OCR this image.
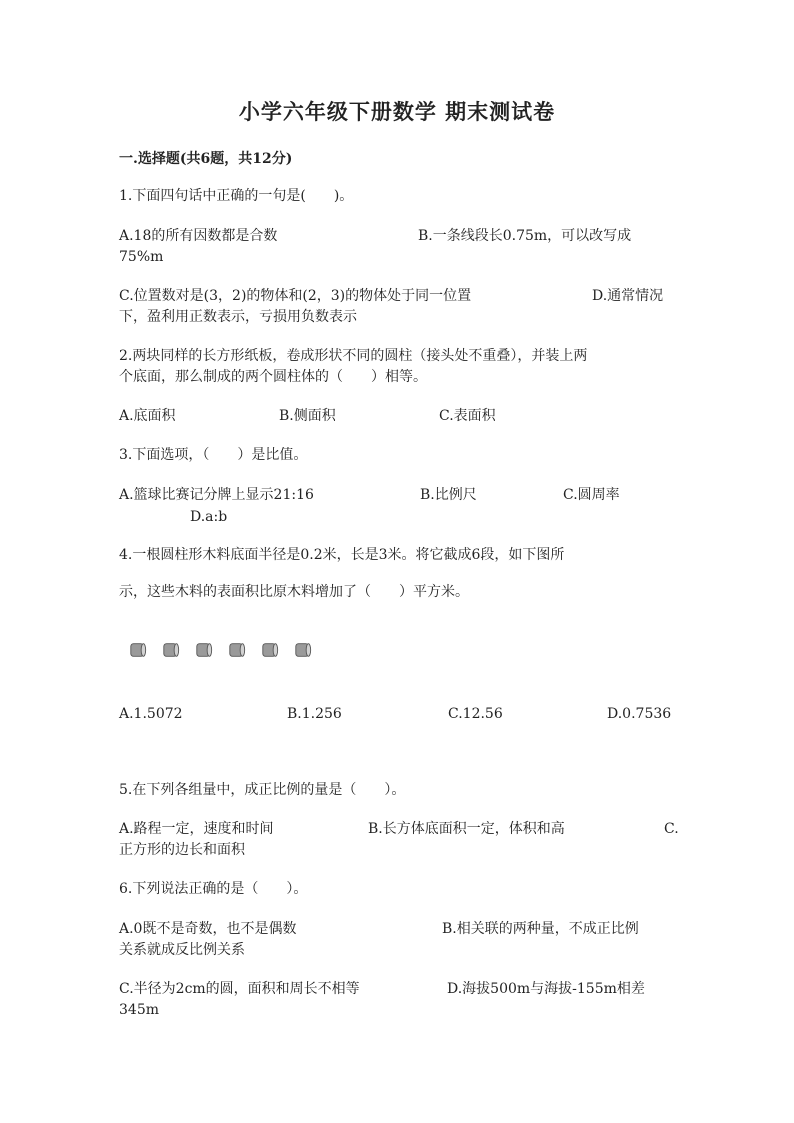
小学六年级下册数学 期末测试卷
一.选择题(共6题，共12分)
1.下面四句话中正确的一句是(　　)。
A.18的所有因数都是合数	B.一条线段长0.75m，可以改写成
75%m
C.位置数对是(3，2)的物体和(2，3)的物体处于同一位置	D.通常情况
下，盈利用正数表示，亏损用负数表示
2.两块同样的长方形纸板，卷成形状不同的圆柱（接头处不重叠），并装上两
个底面，那么制成的两个圆柱体的（　　）相等。
A.底面积	B.侧面积	C.表面积
3.下面选项，（　　）是比值。
A.篮球比赛记分牌上显示21:16	B.比例尺	C.圆周率
D.a:b
4.一根圆柱形木料底面半径是0.2米，长是3米。将它截成6段，如下图所
示，这些木料的表面积比原木料增加了（　　）平方米。
A.1.5072	B.1.256	C.12.56	D.0.7536
5.在下列各组量中，成正比例的量是（　　）。
A.路程一定，速度和时间	B.长方体底面积一定，体积和高	C.
正方形的边长和面积
6.下列说法正确的是（　　）。
A.0既不是奇数，也不是偶数	B.相关联的两种量，不成正比例
关系就成反比例关系
C.半径为2cm的圆，面积和周长不相等	D.海拔500m与海拔-155m相差
345m
